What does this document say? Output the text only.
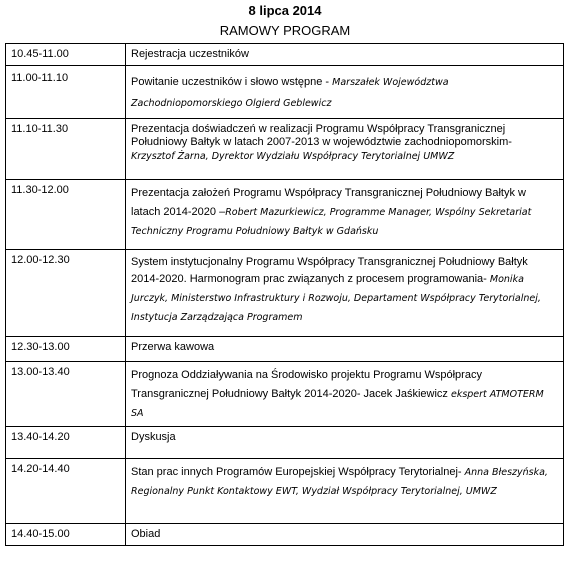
8 lipca 2014
RAMOWY PROGRAM
10.45-11.00	Rejestracja uczestników

11.00-11.10	Powitanie uczestników i słowo wstępne - Marszałek Województwa Zachodniopomorskiego Olgierd Geblewicz

11.10-11.30	Prezentacja doświadczeń w realizacji Programu Współpracy Transgranicznej Południowy Bałtyk w latach 2007-2013 w województwie zachodniopomorskim-
Krzysztof Żarna, Dyrektor Wydziału Współpracy Terytorialnej UMWZ

11.30-12.00	Prezentacja założeń Programu Współpracy Transgranicznej Południowy Bałtyk w latach 2014-2020 –Robert Mazurkiewicz, Programme Manager, Wspólny Sekretariat Techniczny Programu Południowy Bałtyk w Gdańsku
12.00-12.30	System instytucjonalny Programu Współpracy Transgranicznej Południowy Bałtyk 2014-2020. Harmonogram prac związanych z procesem programowania- Monika Jurczyk, Ministerstwo Infrastruktury i Rozwoju, Departament Współpracy Terytorialnej, Instytucja Zarządzająca Programem
12.30-13.00	Przerwa kawowa
13.00-13.40	Prognoza Oddziaływania na Środowisko projektu Programu Współpracy Transgranicznej Południowy Bałtyk 2014-2020- Jacek Jaśkiewicz ekspert ATMOTERM SA
13.40-14.20	Dyskusja
14.20-14.40	Stan prac innych Programów Europejskiej Współpracy Terytorialnej- Anna Błeszyńska, Regionalny Punkt Kontaktowy EWT, Wydział Współpracy Terytorialnej, UMWZ
14.40-15.00	Obiad
